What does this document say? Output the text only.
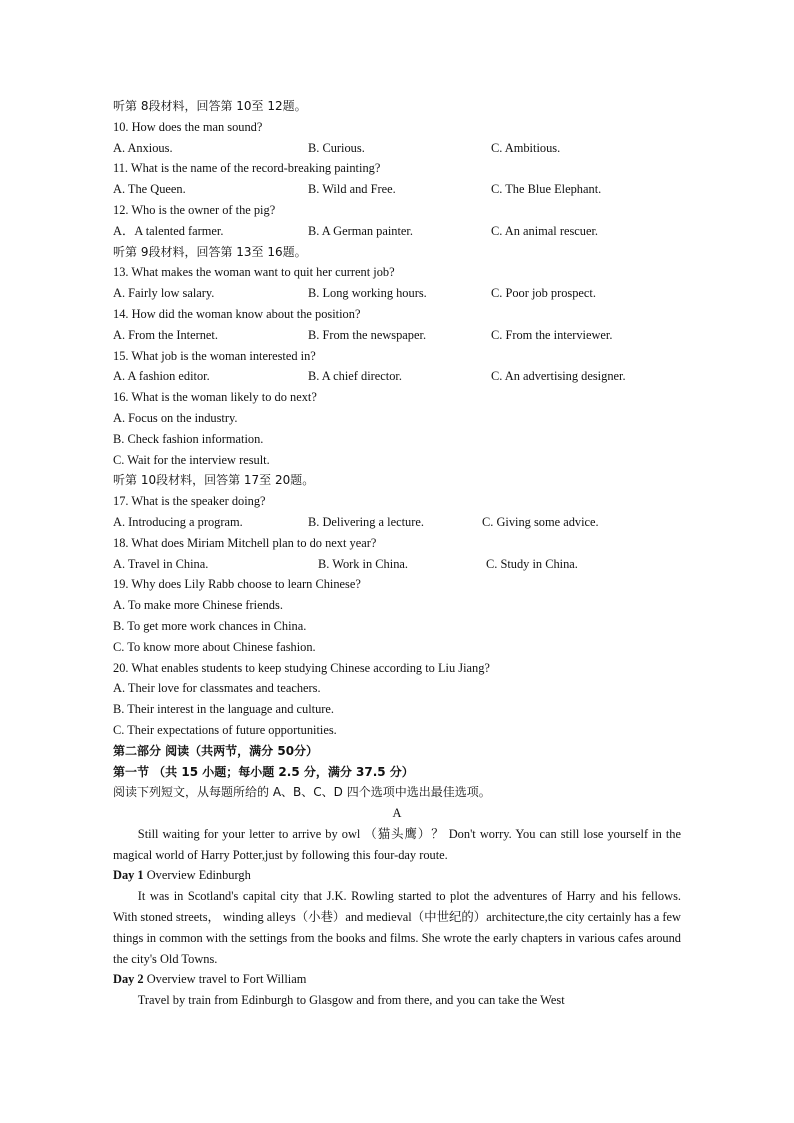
听第 8段材料，回答第 10至 12题。
10. How does the man sound?
A. Anxious.	B. Curious.	C. Ambitious.
11. What is the name of the record-breaking painting?
A. The Queen.	B. Wild and Free.	C. The Blue Elephant.
12. Who is the owner of the pig?
A．A talented farmer.	B. A German painter.	C. An animal rescuer.
听第 9段材料，回答第 13至 16题。
13. What makes the woman want to quit her current job?
A. Fairly low salary.	B. Long working hours.	C. Poor job prospect.
14. How did the woman know about the position?
A. From the Internet.	B. From the newspaper.	C. From the interviewer.
15. What job is the woman interested in?
A. A fashion editor.	B. A chief director.	C. An advertising designer.
16. What is the woman likely to do next?
A. Focus on the industry.
B. Check fashion information.
C. Wait for the interview result.
听第 10段材料，回答第 17至 20题。
17. What is the speaker doing?
A. Introducing a program.	B. Delivering a lecture.	C. Giving some advice.
18. What does Miriam Mitchell plan to do next year?
A. Travel in China.	B. Work in China.	C. Study in China.
19. Why does Lily Rabb choose to learn Chinese?
A. To make more Chinese friends.
B. To get more work chances in China.
C. To know more about Chinese fashion.
20. What enables students to keep studying Chinese according to Liu Jiang?
A. Their love for classmates and teachers.
B. Their interest in the language and culture.
C. Their expectations of future opportunities.
第二部分 阅读（共两节，满分 50分）
第一节 （共 15 小题；每小题 2.5 分，满分 37.5 分）
阅读下列短文，从每题所给的 A、B、C、D 四个选项中选出最佳选项。
A

Still waiting for your letter to arrive by owl （猫头鹰）？ Don't worry. You can still lose yourself in the magical world of Harry Potter,just by following this four-day route.

Day 1 Overview Edinburgh

It was in Scotland's capital city that J.K. Rowling started to plot the adventures of Harry and his fellows. With stoned streets， winding alleys（小巷）and medieval（中世纪的）architecture,the city certainly has a few things in common with the settings from the books and films. She wrote the early chapters in various cafes around the city's Old Towns.

Day 2 Overview travel to Fort William

Travel by train from Edinburgh to Glasgow and from there, and you can take the West
